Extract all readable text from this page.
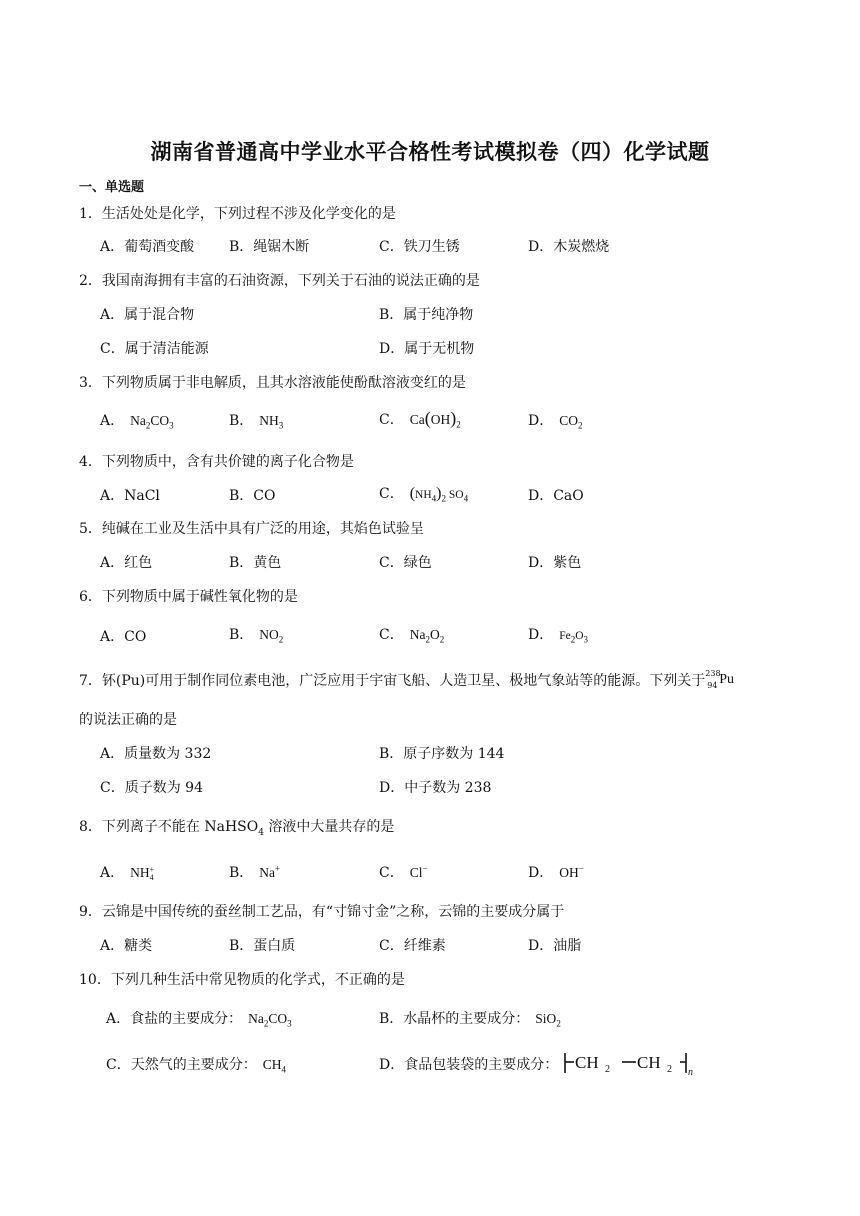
湖南省普通高中学业水平合格性考试模拟卷（四）化学试题
一、单选题
1．生活处处是化学，下列过程不涉及化学变化的是
A．葡萄酒变酸 B．绳锯木断	C．铁刀生锈	D．木炭燃烧
2．我国南海拥有丰富的石油资源，下列关于石油的说法正确的是
A．属于混合物	B．属于纯净物
C．属于清洁能源	D．属于无机物
3．下列物质属于非电解质，且其水溶液能使酚酞溶液变红的是
A． $Na_2CO_3$	B． $NH_3$	C． $Ca(OH)_2$	D． $CO_2$
4．下列物质中，含有共价键的离子化合物是
A．NaCl	B．CO	C． $(NH_4)_2$ $SO_4$	D．CaO
5．纯碱在工业及生活中具有广泛的用途，其焰色试验呈
A．红色	B．黄色	C．绿色	D．紫色
6．下列物质中属于碱性氧化物的是
A．CO	B． $NO_2$	C． $Na_2O_2$	D． $Fe_2O_3$
7．钚(Pu)可用于制作同位素电池，广泛应用于宇宙飞船、人造卫星、极地气象站等的能源。下列关于 238
94 Pu
的说法正确的是
A．质量数为 332	B．原子序数为 144
C．质子数为 94	D．中子数为 238
8．下列离子不能在 NaHSO$_4$ 溶液中大量共存的是
A． NH +
4	B． Na+	C． Cl−	D． OH−
9．云锦是中国传统的蚕丝制工艺品，有“寸锦寸金”之称，云锦的主要成分属于
A．糖类	B．蛋白质	C．纤维素	D．油脂
10．下列几种生活中常见物质的化学式，不正确的是
A．食盐的主要成分： $Na_2CO_3$	B．水晶杯的主要成分： SiO$_2$
C．天然气的主要成分： $CH_4$	D．食品包装袋的主要成分： CH 2 CH 2 n
